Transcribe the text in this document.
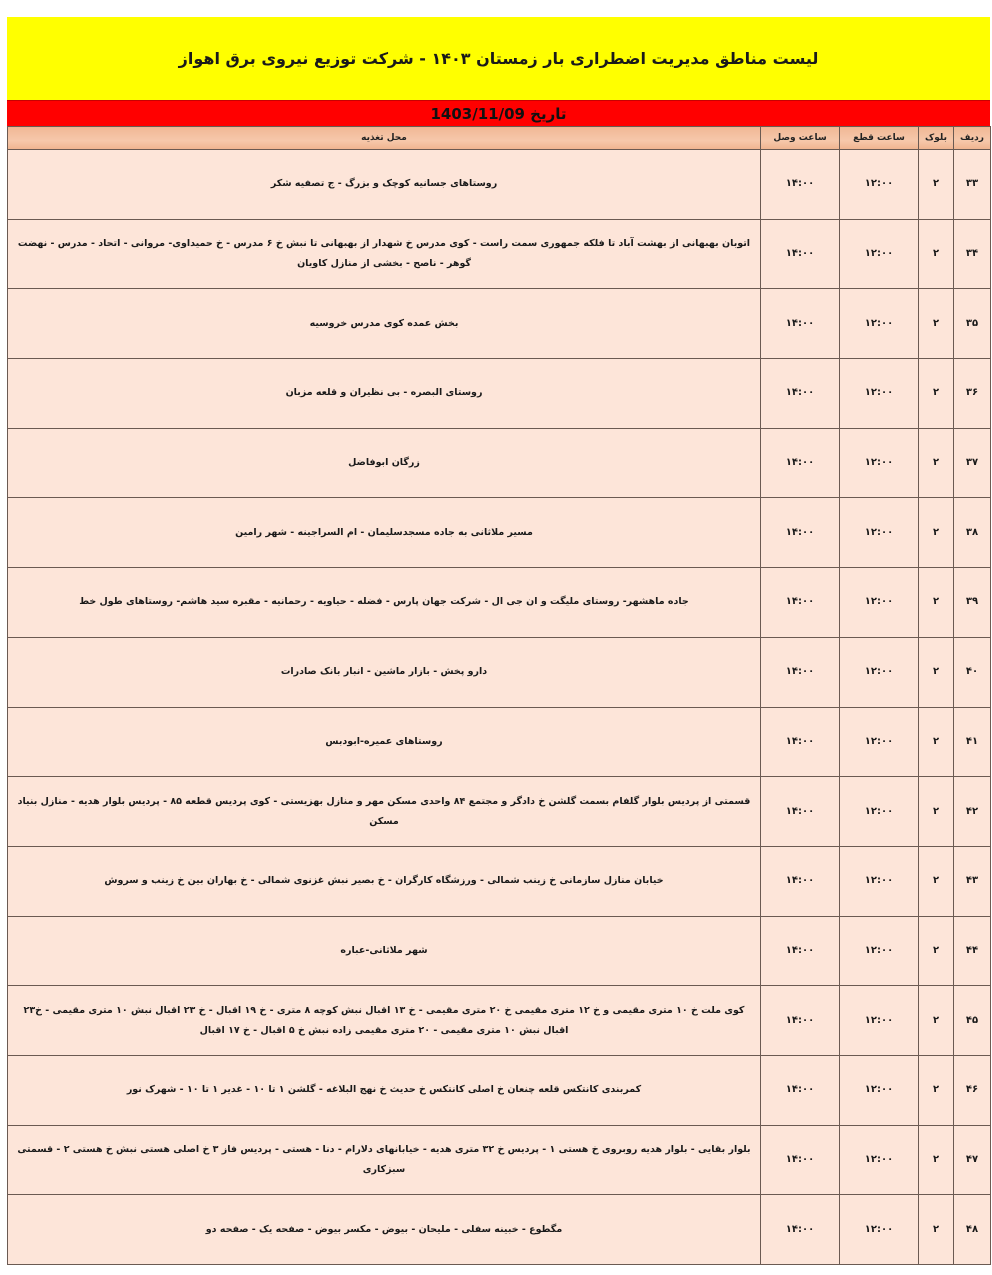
لیست مناطق مدیریت اضطراری بار زمستان ۱۴۰۳ - شرکت توزیع نیروی برق اهواز
تاریخ 1403/11/09
ردیف	بلوک	ساعت قطع	ساعت وصل	محل تغذیه
۳۳	۲	۱۲:۰۰	۱۴:۰۰	روستاهای جسانیه کوچک و بزرگ - ج تصفیه شکر
۳۴	۲	۱۲:۰۰	۱۴:۰۰	اتوبان بهبهانی از بهشت آباد تا فلکه جمهوری سمت راست - کوی مدرس خ شهدار از بهبهانی تا نبش خ ۶ مدرس - خ حمیداوی- مروانی - اتحاد - مدرس - نهضت گوهر - ناصح - بخشی از منازل کاویان
۳۵	۲	۱۲:۰۰	۱۴:۰۰	بخش عمده کوی مدرس خروسیه
۳۶	۲	۱۲:۰۰	۱۴:۰۰	روستای البصره - بی نظیران و قلعه مزبان
۳۷	۲	۱۲:۰۰	۱۴:۰۰	زرگان ابوفاضل
۳۸	۲	۱۲:۰۰	۱۴:۰۰	مسیر ملاثانی به جاده مسجدسلیمان - ام السراجینه - شهر رامین
۳۹	۲	۱۲:۰۰	۱۴:۰۰	جاده ماهشهر- روستای ملیگت و ان جی ال - شرکت جهان پارس - فضله - حیاویه - رحمانیه - مقبره سید هاشم- روستاهای طول خط
۴۰	۲	۱۲:۰۰	۱۴:۰۰	دارو پخش - بازار ماشین - انبار بانک صادرات
۴۱	۲	۱۲:۰۰	۱۴:۰۰	روستاهای عمیره-ابودبس
۴۲	۲	۱۲:۰۰	۱۴:۰۰	قسمتی از پردیس بلوار گلفام بسمت گلشن خ دادگر و مجتمع ۸۴ واحدی مسکن مهر و منازل بهزیستی - کوی پردیس قطعه ۸۵ - پردیس بلوار هدیه - منازل بنیاد مسکن
۴۳	۲	۱۲:۰۰	۱۴:۰۰	خیابان منازل سازمانی خ زینب شمالی - ورزشگاه کارگران - خ بصیر نبش غزنوی شمالی - خ بهاران بین خ زینب و سروش
۴۴	۲	۱۲:۰۰	۱۴:۰۰	شهر ملاثانی-عباره
۴۵	۲	۱۲:۰۰	۱۴:۰۰	کوی ملت خ ۱۰ متری مقیمی و خ ۱۲ متری مقیمی خ ۲۰ متری مقیمی - خ ۱۳ اقبال نبش کوچه ۸ متری - خ ۱۹ اقبال - خ ۲۳ اقبال نبش ۱۰ متری مقیمی - خ۲۳ اقبال نبش ۱۰ متری مقیمی - ۲۰ متری مقیمی زاده نبش خ ۵ اقبال - خ ۱۷ اقبال
۴۶	۲	۱۲:۰۰	۱۴:۰۰	کمربندی کانتکس قلعه چنعان خ اصلی کانتکس خ حدیث خ نهج البلاغه - گلشن ۱ تا ۱۰ - غدیر ۱ تا ۱۰ - شهرک نور
۴۷	۲	۱۲:۰۰	۱۴:۰۰	بلوار بقایی - بلوار هدیه روبروی خ هستی ۱ - پردیس خ ۳۲ متری هدیه - خیابانهای دلارام - دنا - هستی - پردیس فاز ۳ خ اصلی هستی نبش خ هستی ۲ - قسمتی سبزکاری
۴۸	۲	۱۲:۰۰	۱۴:۰۰	مگطوع - خبینه سفلی - ملیحان - بیوض - مکسر بیوض - صفحه یک - صفحه دو
